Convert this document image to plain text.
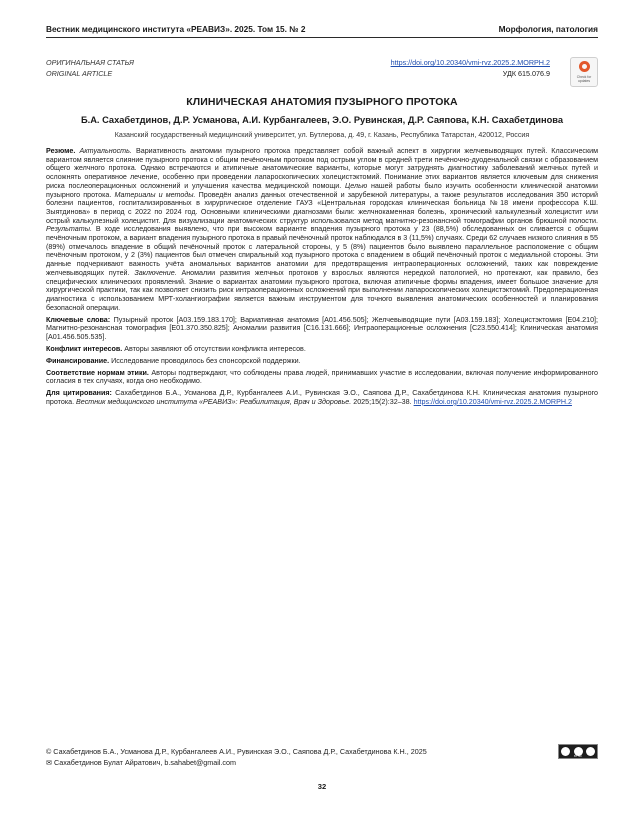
Вестник медицинского института «РЕАВИЗ». 2025. Том 15. № 2	Морфология, патология
ОРИГИНАЛЬНАЯ СТАТЬЯ
ORIGINAL ARTICLE
https://doi.org/10.20340/vmi-rvz.2025.2.MORPH.2
УДК 615.076.9	Check for updates
КЛИНИЧЕСКАЯ АНАТОМИЯ ПУЗЫРНОГО ПРОТОКА
Б.А. Сахабетдинов, Д.Р. Усманова, А.И. Курбангалеев, Э.О. Рувинская, Д.Р. Саяпова, К.Н. Сахабетдинова
Казанский государственный медицинский университет, ул. Бутлерова, д. 49, г. Казань, Республика Татарстан, 420012, Россия

Резюме. Актуальность. Вариативность анатомии пузырного протока представляет собой важный аспект в хирургии желчевыводящих путей. Классическим вариантом является слияние пузырного протока с общим печёночным протоком под острым углом в средней трети печёночно-дуоденальной связки с образованием общего желчного протока. Однако встречаются и атипичные анатомические варианты, которые могут затруднять диагностику заболеваний желчных путей и осложнять оперативное лечение, особенно при проведении лапароскопических холецистэктомий. Понимание этих вариантов является ключевым для снижения риска послеоперационных осложнений и улучшения качества медицинской помощи. Целью нашей работы было изучить особенности клинической анатомии пузырного протока. Материалы и методы. Проведён анализ данных отечественной и зарубежной литературы, а также результатов исследования 350 историй болезни пациентов, госпитализированных в хирургическое отделение ГАУЗ «Центральная городская клиническая больница №18 имени профессора К.Ш. Зыятдинова» в период с 2022 по 2024 год. Основными клиническими диагнозами были: желчнокаменная болезнь, хронический калькулезный холецистит или острый калькулезный холецистит. Для визуализации анатомических структур использовался метод магнитно-резонансной томографии органов брюшной полости. Результаты. В ходе исследования выявлено, что при высоком варианте впадения пузырного протока у 23 (88,5%) обследованных он сливается с общим печёночным протоком, а вариант впадения пузырного протока в правый печёночный проток наблюдался в 3 (11,5%) случаях. Среди 62 случаев низкого слияния в 55 (89%) отмечалось впадение в общий печёночный проток с латеральной стороны, у 5 (8%) пациентов было выявлено параллельное расположение с общим печёночным протоком, у 2 (3%) пациентов был отмечен спиральный ход пузырного протока с впадением в общий печёночный проток с медиальной стороны. Эти данные подчеркивают важность учёта аномальных вариантов анатомии для предотвращения интраоперационных осложнений, таких как повреждение желчевыводящих путей. Заключение. Аномалии развития желчных протоков у взрослых являются нередкой патологией, но протекают, как правило, без специфических клинических проявлений. Знание о вариантах анатомии пузырного протока, включая атипичные формы впадения, имеет большое значение для хирургической практики, так как позволяет снизить риск интраоперационных осложнений при выполнении лапароскопических холецистэктомий. Предоперационная диагностика с использованием МРТ-холангиографии является важным инструментом для точного выявления анатомических особенностей и планирования безопасной операции.

Ключевые слова: Пузырный проток [A03.159.183.170]; Вариативная анатомия [A01.456.505]; Желчевыводящие пути [A03.159.183]; Холецистэктомия [E04.210]; Магнитно-резонансная томография [E01.370.350.825]; Аномалии развития [C16.131.666]; Интраоперационные осложнения [C23.550.414]; Клиническая анатомия [A01.456.505.535].

Конфликт интересов. Авторы заявляют об отсутствии конфликта интересов.

Финансирование. Исследование проводилось без спонсорской поддержки.

Соответствие нормам этики. Авторы подтверждают, что соблюдены права людей, принимавших участие в исследовании, включая получение информированного согласия в тех случаях, когда оно необходимо.

Для цитирования: Сахабетдинов Б.А., Усманова Д.Р., Курбангалеев А.И., Рувинская Э.О., Саяпова Д.Р., Сахабетдинова К.Н. Клиническая анатомия пузырного протока. Вестник медицинского института «РЕАВИЗ»: Реабилитация, Врач и Здоровье. 2025;15(2):32–38. https://doi.org/10.20340/vmi-rvz.2025.2.MORPH.2

© Сахабетдинов Б.А., Усманова Д.Р., Курбангалеев А.И., Рувинская Э.О., Саяпова Д.Р., Сахабетдинова К.Н., 2025
✉ Сахабетдинов Булат Айратович, b.sahabet@gmail.com
BY NC
32
